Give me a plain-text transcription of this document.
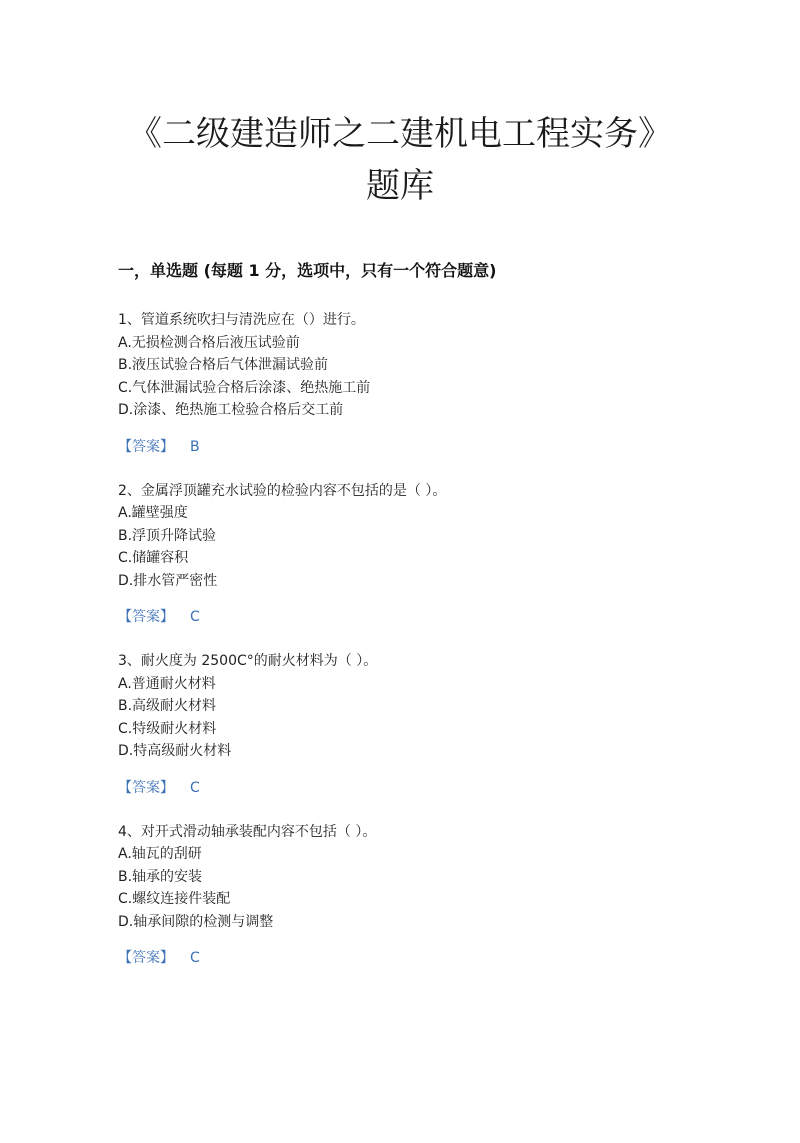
《二级建造师之二建机电工程实务》
题库
一，单选题 (每题 1 分，选项中，只有一个符合题意)
1、管道系统吹扫与清洗应在（）进行。
A.无损检测合格后液压试验前
B.液压试验合格后气体泄漏试验前
C.气体泄漏试验合格后涂漆、绝热施工前
D.涂漆、绝热施工检验合格后交工前
【答案】 B
2、金属浮顶罐充水试验的检验内容不包括的是（ ）。
A.罐壁强度
B.浮顶升降试验
C.储罐容积
D.排水管严密性
【答案】 C
3、耐火度为 2500C°的耐火材料为（ ）。
A.普通耐火材料
B.高级耐火材料
C.特级耐火材料
D.特高级耐火材料
【答案】 C
4、对开式滑动轴承装配内容不包括（ ）。
A.轴瓦的刮研
B.轴承的安装
C.螺纹连接件装配
D.轴承间隙的检测与调整
【答案】 C
